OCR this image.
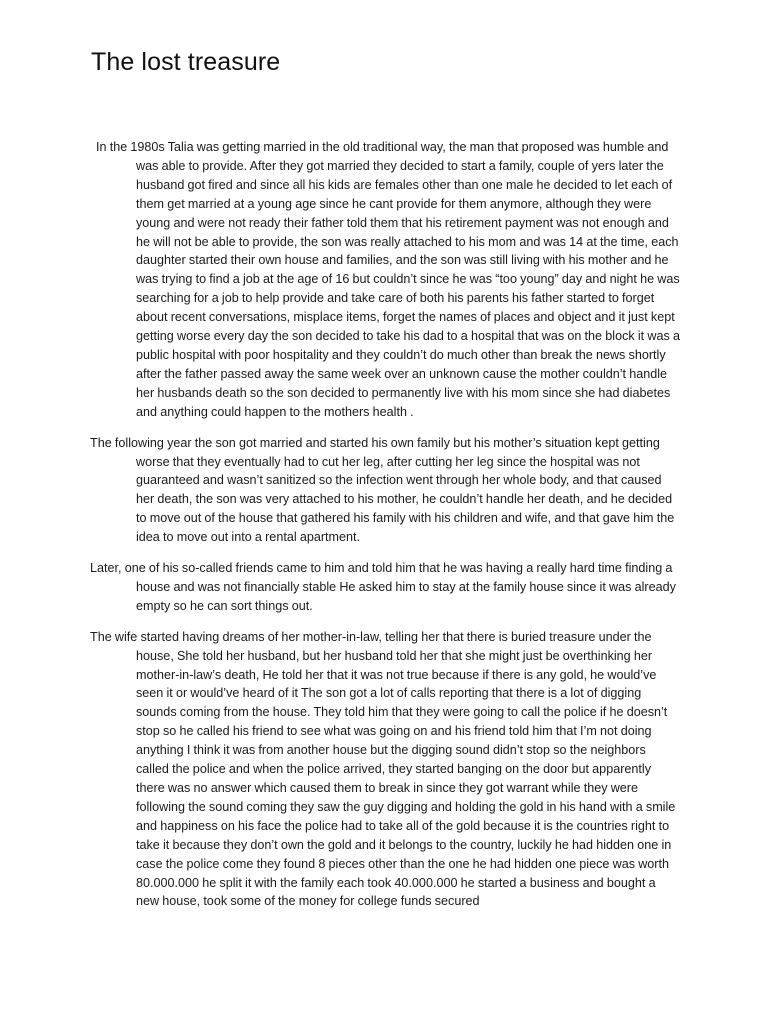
The lost treasure

In the 1980s Talia was getting married in the old traditional way, the man that proposed was humble and was able to provide. After they got married they decided to start a family, couple of yers later the husband got fired and since all his kids are females other than one male he decided to let each of them get married at a young age since he cant provide for them anymore, although they were young and were not ready their father told them that his retirement payment was not enough and he will not be able to provide, the son was really attached to his mom and was 14 at the time, each daughter started their own house and families, and the son was still living with his mother and he was trying to find a job at the age of 16 but couldn’t since he was “too young” day and night he was searching for a job to help provide and take care of both his parents his father started to forget about recent conversations, misplace items, forget the names of places and object and it just kept getting worse every day the son decided to take his dad to a hospital that was on the block it was a public hospital with poor hospitality and they couldn’t do much other than break the news shortly after the father passed away the same week over an unknown cause the mother couldn’t handle her husbands death so the son decided to permanently live with his mom since she had diabetes and anything could happen to the mothers health .

The following year the son got married and started his own family but his mother’s situation kept getting worse that they eventually had to cut her leg, after cutting her leg since the hospital was not guaranteed and wasn’t sanitized so the infection went through her whole body, and that caused her death, the son was very attached to his mother, he couldn’t handle her death, and he decided to move out of the house that gathered his family with his children and wife, and that gave him the idea to move out into a rental apartment.

Later, one of his so-called friends came to him and told him that he was having a really hard time finding a house and was not financially stable He asked him to stay at the family house since it was already empty so he can sort things out.

The wife started having dreams of her mother-in-law, telling her that there is buried treasure under the house, She told her husband, but her husband told her that she might just be overthinking her mother-in-law’s death, He told her that it was not true because if there is any gold, he would’ve seen it or would’ve heard of it The son got a lot of calls reporting that there is a lot of digging sounds coming from the house. They told him that they were going to call the police if he doesn’t stop so he called his friend to see what was going on and his friend told him that I’m not doing anything I think it was from another house but the digging sound didn’t stop so the neighbors called the police and when the police arrived, they started banging on the door but apparently there was no answer which caused them to break in since they got warrant while they were following the sound coming they saw the guy digging and holding the gold in his hand with a smile and happiness on his face the police had to take all of the gold because it is the countries right to take it because they don’t own the gold and it belongs to the country, luckily he had hidden one in case the police come they found 8 pieces other than the one he had hidden one piece was worth 80.000.000 he split it with the family each took 40.000.000 he started a business and bought a new house, took some of the money for college funds secured
